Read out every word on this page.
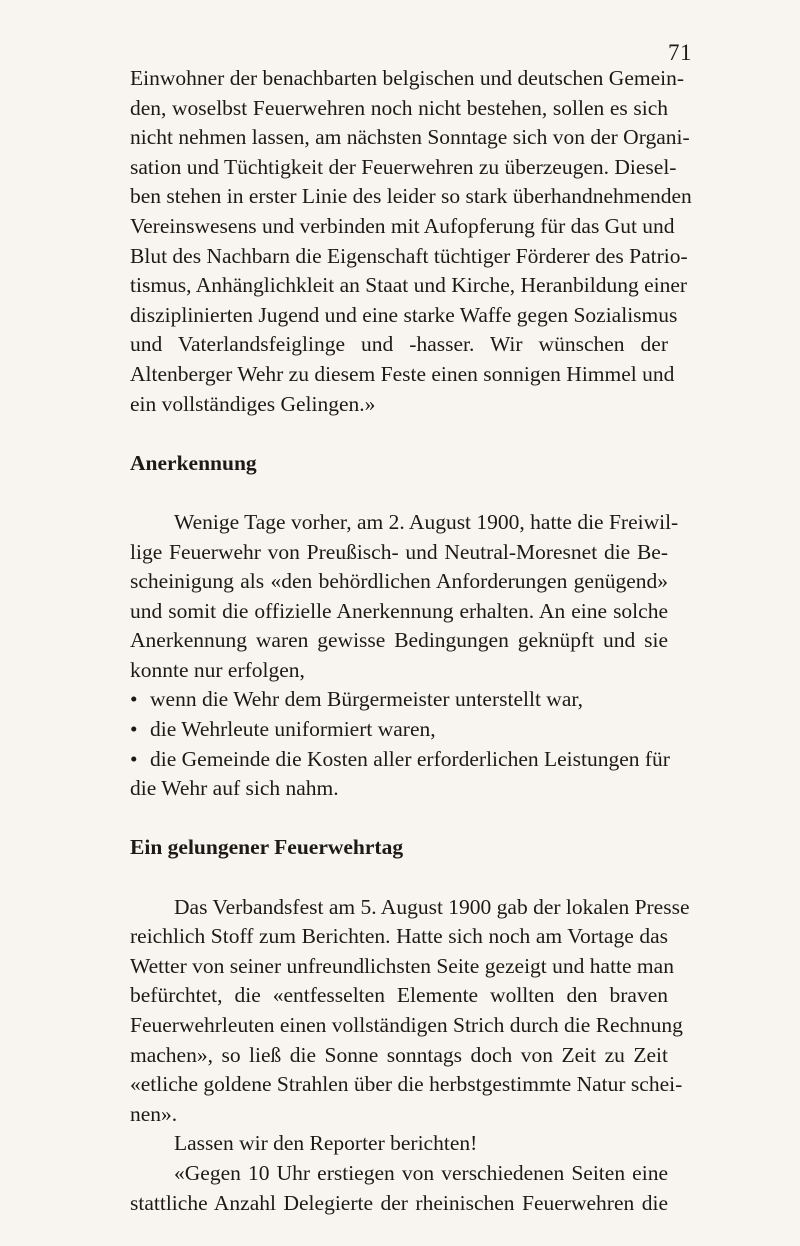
71
Einwohner der benachbarten belgischen und deutschen Gemein-
den, woselbst Feuerwehren noch nicht bestehen, sollen es sich
nicht nehmen lassen, am nächsten Sonntage sich von der Organi-
sation und Tüchtigkeit der Feuerwehren zu überzeugen. Diesel-
ben stehen in erster Linie des leider so stark überhandnehmenden
Vereinswesens und verbinden mit Aufopferung für das Gut und
Blut des Nachbarn die Eigenschaft tüchtiger Förderer des Patrio-
tismus, Anhänglichkleit an Staat und Kirche, Heranbildung einer
disziplinierten Jugend und eine starke Waffe gegen Sozialismus
und Vaterlandsfeiglinge und -hasser. Wir wünschen der
Altenberger Wehr zu diesem Feste einen sonnigen Himmel und
ein vollständiges Gelingen.»
Anerkennung
Wenige Tage vorher, am 2. August 1900, hatte die Freiwil-
lige Feuerwehr von Preußisch- und Neutral-Moresnet die Be-
scheinigung als «den behördlichen Anforderungen genügend»
und somit die offizielle Anerkennung erhalten. An eine solche
Anerkennung waren gewisse Bedingungen geknüpft und sie
konnte nur erfolgen,
• wenn die Wehr dem Bürgermeister unterstellt war,
• die Wehrleute uniformiert waren,
• die Gemeinde die Kosten aller erforderlichen Leistungen für
die Wehr auf sich nahm.
Ein gelungener Feuerwehrtag
Das Verbandsfest am 5. August 1900 gab der lokalen Presse
reichlich Stoff zum Berichten. Hatte sich noch am Vortage das
Wetter von seiner unfreundlichsten Seite gezeigt und hatte man
befürchtet, die «entfesselten Elemente wollten den braven
Feuerwehrleuten einen vollständigen Strich durch die Rechnung
machen», so ließ die Sonne sonntags doch von Zeit zu Zeit
«etliche goldene Strahlen über die herbstgestimmte Natur schei-
nen».
Lassen wir den Reporter berichten!
«Gegen 10 Uhr erstiegen von verschiedenen Seiten eine
stattliche Anzahl Delegierte der rheinischen Feuerwehren die
